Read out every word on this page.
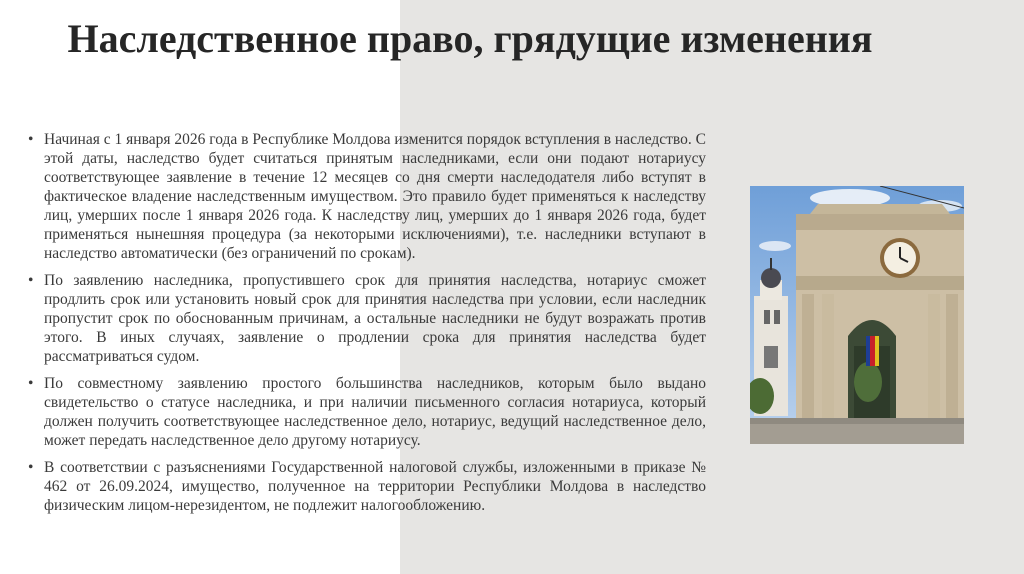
Наследственное право, грядущие изменения
• Начиная с 1 января 2026 года в Республике Молдова изменится порядок вступления в наследство. С этой даты, наследство будет считаться принятым наследниками, если они подают нотариусу соответствующее заявление в течение 12 месяцев со дня смерти наследодателя либо вступят в фактическое владение наследственным имуществом. Это правило будет применяться к наследству лиц, умерших после 1 января 2026 года. К наследству лиц, умерших до 1 января 2026 года, будет применяться нынешняя процедура (за некоторыми исключениями), т.е. наследники вступают в наследство автоматически (без ограничений по срокам).
• По заявлению наследника, пропустившего срок для принятия наследства, нотариус сможет продлить срок или установить новый срок для принятия наследства при условии, если наследник пропустит срок по обоснованным причинам, а остальные наследники не будут возражать против этого. В иных случаях, заявление о продлении срока для принятия наследства будет рассматриваться судом.
• По совместному заявлению простого большинства наследников, которым было выдано свидетельство о статусе наследника, и при наличии письменного согласия нотариуса, который должен получить соответствующее наследственное дело, нотариус, ведущий наследственное дело, может передать наследственное дело другому нотариусу.
• В соответствии с разъяснениями Государственной налоговой службы, изложенными в приказе № 462 от 26.09.2024, имущество, полученное на территории Республики Молдова в наследство физическим лицом-нерезидентом, не подлежит налогообложению.
